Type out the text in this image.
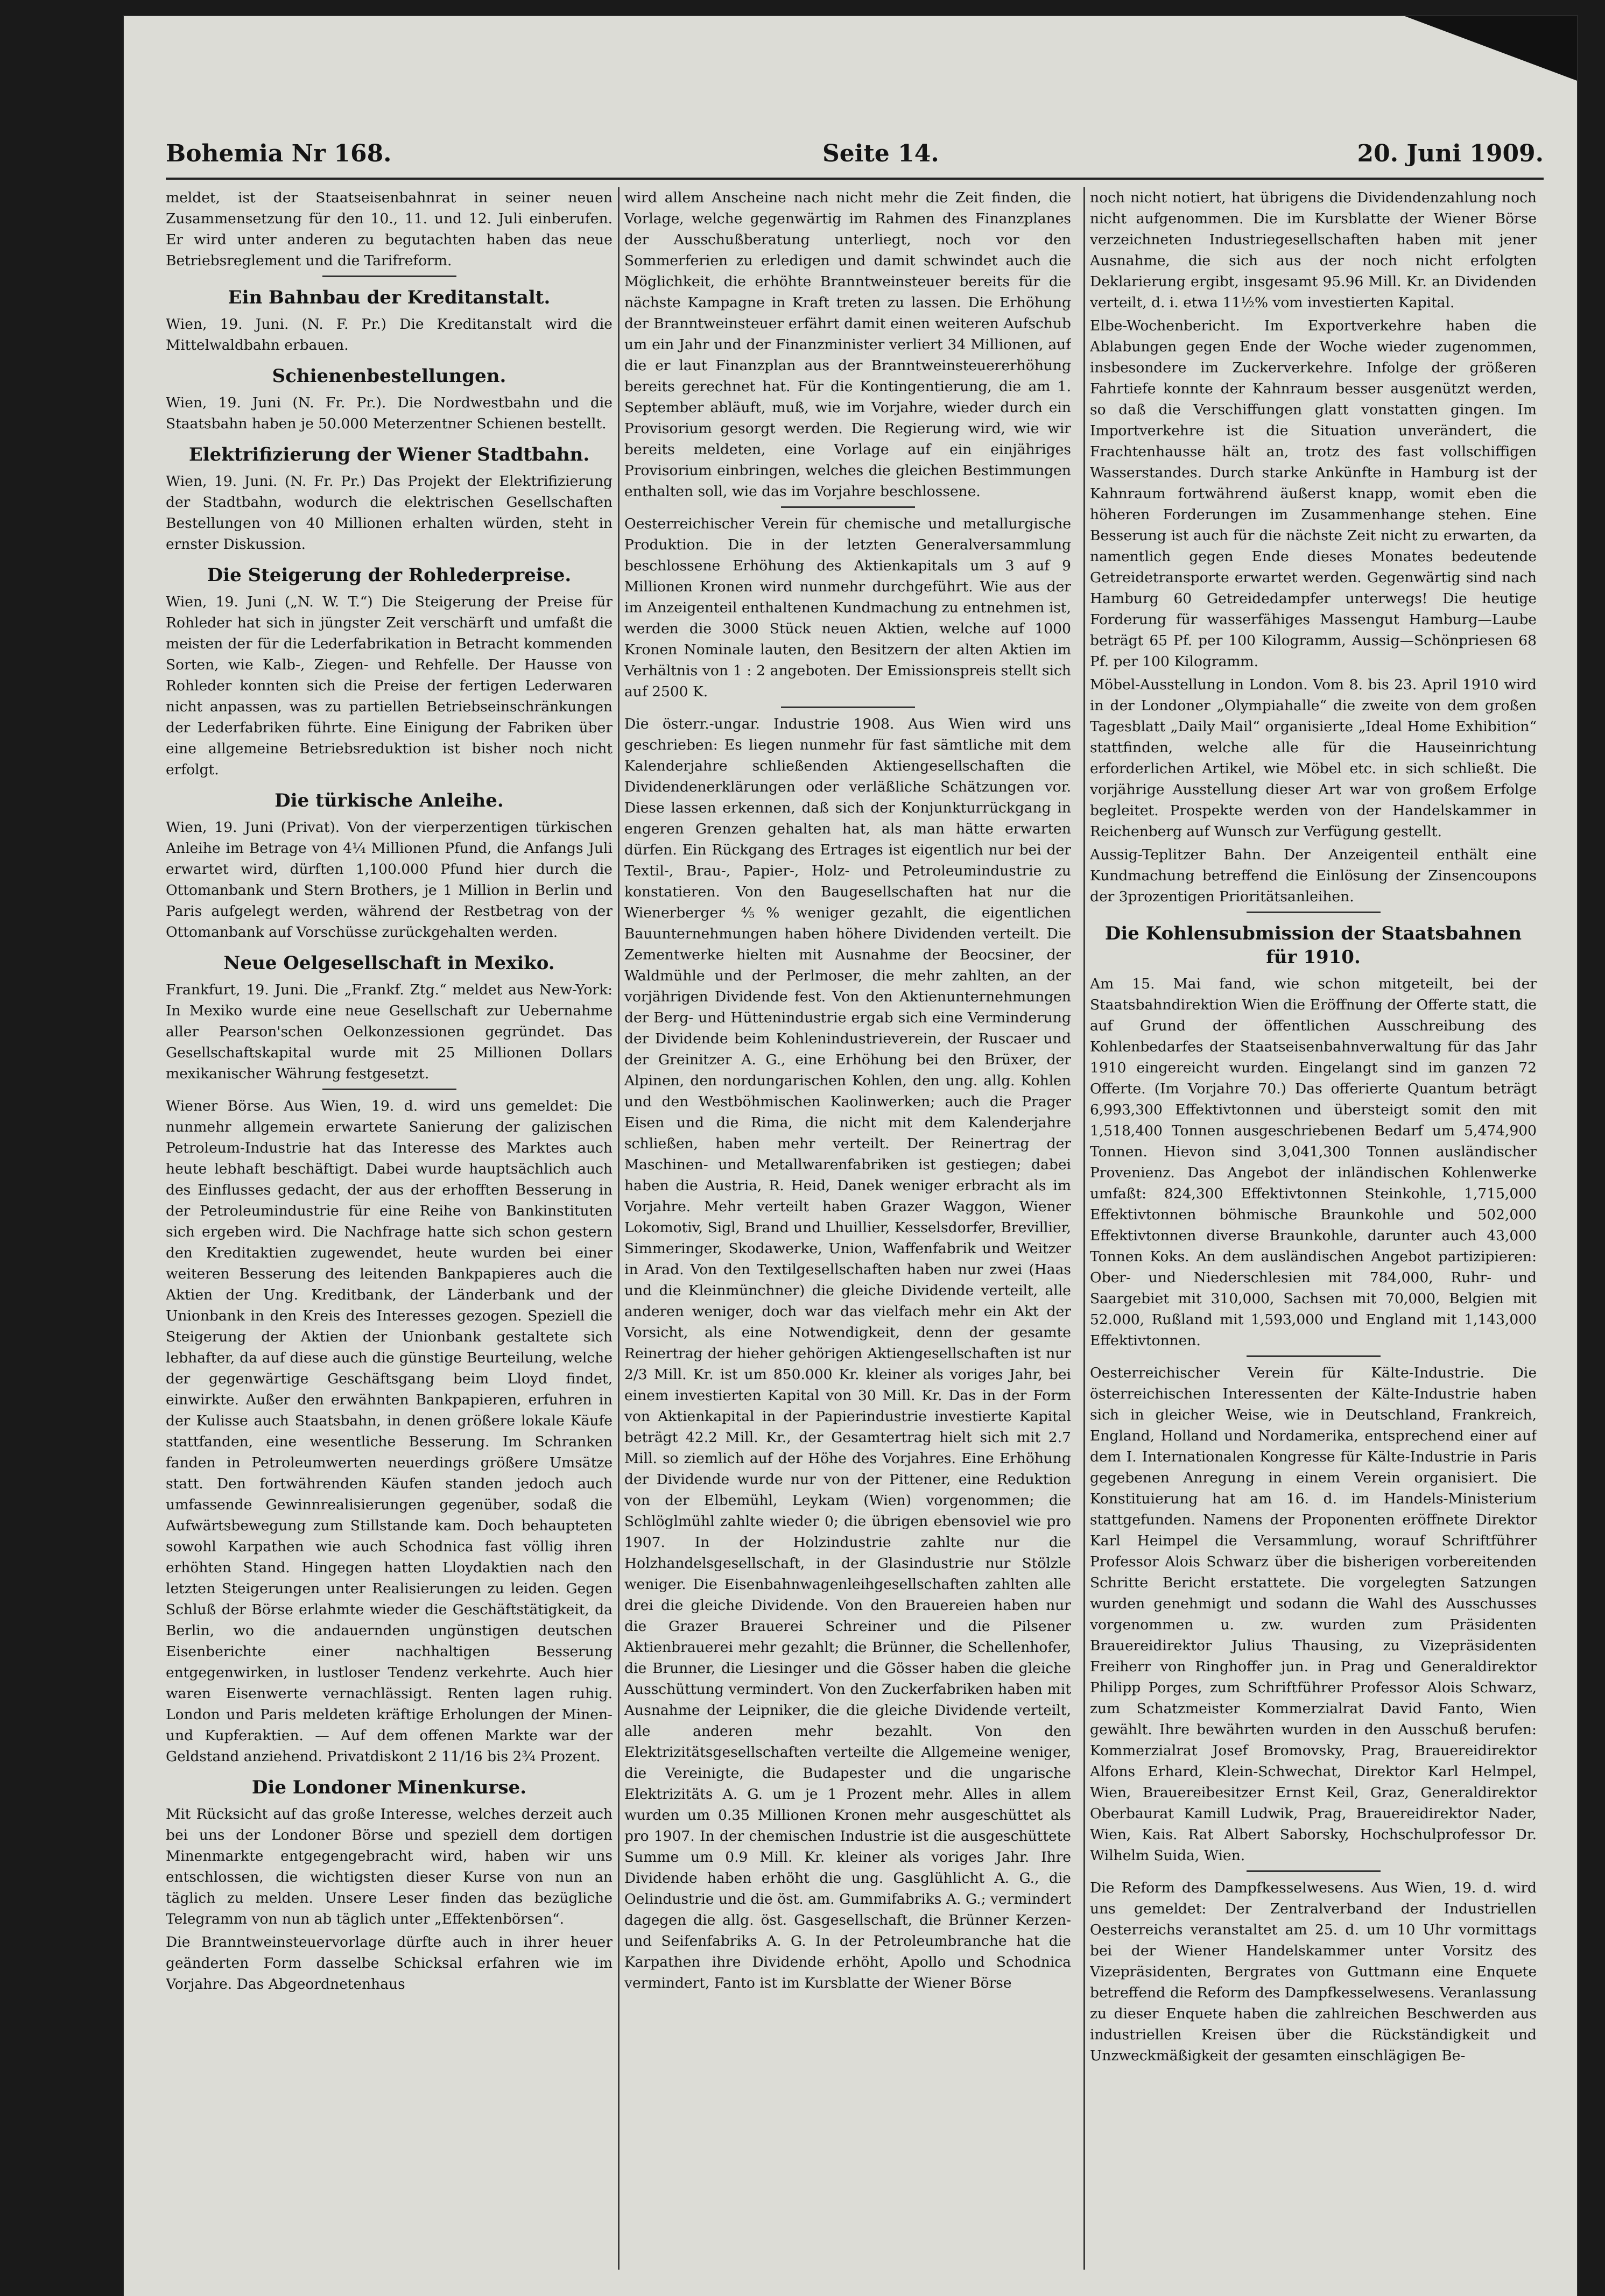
Bohemia Nr 168.	Seite 14.	20. Juni 1909.

meldet, ist der Staatseisenbahnrat in seiner neuen Zusammensetzung für den 10., 11. und 12. Juli einberufen. Er wird unter anderen zu begutachten haben das neue Betriebsreglement und die Tarifreform.

Ein Bahnbau der Kreditanstalt.

Wien, 19. Juni. (N. F. Pr.) Die Kreditanstalt wird die Mittelwaldbahn erbauen.

Schienenbestellungen.

Wien, 19. Juni (N. Fr. Pr.). Die Nordwestbahn und die Staatsbahn haben je 50.000 Meterzentner Schienen bestellt.

Elektrifizierung der Wiener Stadtbahn.

Wien, 19. Juni. (N. Fr. Pr.) Das Projekt der Elektrifizierung der Stadtbahn, wodurch die elektrischen Gesellschaften Bestellungen von 40 Millionen erhalten würden, steht in ernster Diskussion.

Die Steigerung der Rohlederpreise.

Wien, 19. Juni („N. W. T.“) Die Steigerung der Preise für Rohleder hat sich in jüngster Zeit verschärft und umfaßt die meisten der für die Lederfabrikation in Betracht kommenden Sorten, wie Kalb-, Ziegen- und Rehfelle. Der Hausse von Rohleder konnten sich die Preise der fertigen Lederwaren nicht anpassen, was zu partiellen Betriebseinschränkungen der Lederfabriken führte. Eine Einigung der Fabriken über eine allgemeine Betriebsreduktion ist bisher noch nicht erfolgt.

Die türkische Anleihe.

Wien, 19. Juni (Privat). Von der vierperzentigen türkischen Anleihe im Betrage von 4¼ Millionen Pfund, die Anfangs Juli erwartet wird, dürften 1,100.000 Pfund hier durch die Ottomanbank und Stern Brothers, je 1 Million in Berlin und Paris aufgelegt werden, während der Restbetrag von der Ottomanbank auf Vorschüsse zurückgehalten werden.

Neue Oelgesellschaft in Mexiko.

Frankfurt, 19. Juni. Die „Frankf. Ztg.“ meldet aus New-York: In Mexiko wurde eine neue Gesellschaft zur Uebernahme aller Pearson'schen Oelkonzessionen gegründet. Das Gesellschaftskapital wurde mit 25 Millionen Dollars mexikanischer Währung festgesetzt.

Wiener Börse. Aus Wien, 19. d. wird uns gemeldet: Die nunmehr allgemein erwartete Sanierung der galizischen Petroleum-Industrie hat das Interesse des Marktes auch heute lebhaft beschäftigt. Dabei wurde hauptsächlich auch des Einflusses gedacht, der aus der erhofften Besserung in der Petroleumindustrie für eine Reihe von Bankinstituten sich ergeben wird. Die Nachfrage hatte sich schon gestern den Kreditaktien zugewendet, heute wurden bei einer weiteren Besserung des leitenden Bankpapieres auch die Aktien der Ung. Kreditbank, der Länderbank und der Unionbank in den Kreis des Interesses gezogen. Speziell die Steigerung der Aktien der Unionbank gestaltete sich lebhafter, da auf diese auch die günstige Beurteilung, welche der gegenwärtige Geschäftsgang beim Lloyd findet, einwirkte. Außer den erwähnten Bankpapieren, erfuhren in der Kulisse auch Staatsbahn, in denen größere lokale Käufe stattfanden, eine wesentliche Besserung. Im Schranken fanden in Petroleumwerten neuerdings größere Umsätze statt. Den fortwährenden Käufen standen jedoch auch umfassende Gewinnrealisierungen gegenüber, sodaß die Aufwärtsbewegung zum Stillstande kam. Doch behaupteten sowohl Karpathen wie auch Schodnica fast völlig ihren erhöhten Stand. Hingegen hatten Lloydaktien nach den letzten Steigerungen unter Realisierungen zu leiden. Gegen Schluß der Börse erlahmte wieder die Geschäftstätigkeit, da Berlin, wo die andauernden ungünstigen deutschen Eisenberichte einer nachhaltigen Besserung entgegenwirken, in lustloser Tendenz verkehrte. Auch hier waren Eisenwerte vernachlässigt. Renten lagen ruhig. London und Paris meldeten kräftige Erholungen der Minen- und Kupferaktien. — Auf dem offenen Markte war der Geldstand anziehend. Privatdiskont 2 11/16 bis 2¾ Prozent.

Die Londoner Minenkurse.

Mit Rücksicht auf das große Interesse, welches derzeit auch bei uns der Londoner Börse und speziell dem dortigen Minenmarkte entgegengebracht wird, haben wir uns entschlossen, die wichtigsten dieser Kurse von nun an täglich zu melden. Unsere Leser finden das bezügliche Telegramm von nun ab täglich unter „Effektenbörsen“.

Die Branntweinsteuervorlage dürfte auch in ihrer heuer geänderten Form dasselbe Schicksal erfahren wie im Vorjahre. Das Abgeordnetenhaus

wird allem Anscheine nach nicht mehr die Zeit finden, die Vorlage, welche gegenwärtig im Rahmen des Finanzplanes der Ausschußberatung unterliegt, noch vor den Sommerferien zu erledigen und damit schwindet auch die Möglichkeit, die erhöhte Branntweinsteuer bereits für die nächste Kampagne in Kraft treten zu lassen. Die Erhöhung der Branntweinsteuer erfährt damit einen weiteren Aufschub um ein Jahr und der Finanzminister verliert 34 Millionen, auf die er laut Finanzplan aus der Branntweinsteuererhöhung bereits gerechnet hat. Für die Kontingentierung, die am 1. September abläuft, muß, wie im Vorjahre, wieder durch ein Provisorium gesorgt werden. Die Regierung wird, wie wir bereits meldeten, eine Vorlage auf ein einjähriges Provisorium einbringen, welches die gleichen Bestimmungen enthalten soll, wie das im Vorjahre beschlossene.

Oesterreichischer Verein für chemische und metallurgische Produktion. Die in der letzten Generalversammlung beschlossene Erhöhung des Aktienkapitals um 3 auf 9 Millionen Kronen wird nunmehr durchgeführt. Wie aus der im Anzeigenteil enthaltenen Kundmachung zu entnehmen ist, werden die 3000 Stück neuen Aktien, welche auf 1000 Kronen Nominale lauten, den Besitzern der alten Aktien im Verhältnis von 1 : 2 angeboten. Der Emissionspreis stellt sich auf 2500 K.

Die österr.-ungar. Industrie 1908. Aus Wien wird uns geschrieben: Es liegen nunmehr für fast sämtliche mit dem Kalenderjahre schließenden Aktiengesellschaften die Dividendenerklärungen oder verläßliche Schätzungen vor. Diese lassen erkennen, daß sich der Konjunkturrückgang in engeren Grenzen gehalten hat, als man hätte erwarten dürfen. Ein Rückgang des Ertrages ist eigentlich nur bei der Textil-, Brau-, Papier-, Holz- und Petroleumindustrie zu konstatieren. Von den Baugesellschaften hat nur die Wienerberger ⅘% weniger gezahlt, die eigentlichen Bauunternehmungen haben höhere Dividenden verteilt. Die Zementwerke hielten mit Ausnahme der Beocsiner, der Waldmühle und der Perlmoser, die mehr zahlten, an der vorjährigen Dividende fest. Von den Aktienunternehmungen der Berg- und Hüttenindustrie ergab sich eine Verminderung der Dividende beim Kohlenindustrieverein, der Ruscaer und der Greinitzer A. G., eine Erhöhung bei den Brüxer, der Alpinen, den nordungarischen Kohlen, den ung. allg. Kohlen und den Westböhmischen Kaolinwerken; auch die Prager Eisen und die Rima, die nicht mit dem Kalenderjahre schließen, haben mehr verteilt. Der Reinertrag der Maschinen- und Metallwarenfabriken ist gestiegen; dabei haben die Austria, R. Heid, Danek weniger erbracht als im Vorjahre. Mehr verteilt haben Grazer Waggon, Wiener Lokomotiv, Sigl, Brand und Lhuillier, Kesselsdorfer, Brevillier, Simmeringer, Skodawerke, Union, Waffenfabrik und Weitzer in Arad. Von den Textilgesellschaften haben nur zwei (Haas und die Kleinmünchner) die gleiche Dividende verteilt, alle anderen weniger, doch war das vielfach mehr ein Akt der Vorsicht, als eine Notwendigkeit, denn der gesamte Reinertrag der hieher gehörigen Aktiengesellschaften ist nur 2/3 Mill. Kr. ist um 850.000 Kr. kleiner als voriges Jahr, bei einem investierten Kapital von 30 Mill. Kr. Das in der Form von Aktienkapital in der Papierindustrie investierte Kapital beträgt 42.2 Mill. Kr., der Gesamtertrag hielt sich mit 2.7 Mill. so ziemlich auf der Höhe des Vorjahres. Eine Erhöhung der Dividende wurde nur von der Pittener, eine Reduktion von der Elbemühl, Leykam (Wien) vorgenommen; die Schlöglmühl zahlte wieder 0; die übrigen ebensoviel wie pro 1907. In der Holzindustrie zahlte nur die Holzhandelsgesellschaft, in der Glasindustrie nur Stölzle weniger. Die Eisenbahnwagenleihgesellschaften zahlten alle drei die gleiche Dividende. Von den Brauereien haben nur die Grazer Brauerei Schreiner und die Pilsener Aktienbrauerei mehr gezahlt; die Brünner, die Schellenhofer, die Brunner, die Liesinger und die Gösser haben die gleiche Ausschüttung vermindert. Von den Zuckerfabriken haben mit Ausnahme der Leipniker, die die gleiche Dividende verteilt, alle anderen mehr bezahlt. Von den Elektrizitätsgesellschaften verteilte die Allgemeine weniger, die Vereinigte, die Budapester und die ungarische Elektrizitäts A. G. um je 1 Prozent mehr. Alles in allem wurden um 0.35 Millionen Kronen mehr ausgeschüttet als pro 1907. In der chemischen Industrie ist die ausgeschüttete Summe um 0.9 Mill. Kr. kleiner als voriges Jahr. Ihre Dividende haben erhöht die ung. Gasglühlicht A. G., die Oelindustrie und die öst. am. Gummifabriks A. G.; vermindert dagegen die allg. öst. Gasgesellschaft, die Brünner Kerzen- und Seifenfabriks A. G. In der Petroleumbranche hat die Karpathen ihre Dividende erhöht, Apollo und Schodnica vermindert, Fanto ist im Kursblatte der Wiener Börse

noch nicht notiert, hat übrigens die Dividendenzahlung noch nicht aufgenommen. Die im Kursblatte der Wiener Börse verzeichneten Industriegesellschaften haben mit jener Ausnahme, die sich aus der noch nicht erfolgten Deklarierung ergibt, insgesamt 95.96 Mill. Kr. an Dividenden verteilt, d. i. etwa 11½% vom investierten Kapital.

Elbe-Wochenbericht. Im Exportverkehre haben die Ablabungen gegen Ende der Woche wieder zugenommen, insbesondere im Zuckerverkehre. Infolge der größeren Fahrtiefe konnte der Kahnraum besser ausgenützt werden, so daß die Verschiffungen glatt vonstatten gingen. Im Importverkehre ist die Situation unverändert, die Frachtenhausse hält an, trotz des fast vollschiffigen Wasserstandes. Durch starke Ankünfte in Hamburg ist der Kahnraum fortwährend äußerst knapp, womit eben die höheren Forderungen im Zusammenhange stehen. Eine Besserung ist auch für die nächste Zeit nicht zu erwarten, da namentlich gegen Ende dieses Monates bedeutende Getreidetransporte erwartet werden. Gegenwärtig sind nach Hamburg 60 Getreidedampfer unterwegs! Die heutige Forderung für wasserfähiges Massengut Hamburg—Laube beträgt 65 Pf. per 100 Kilogramm, Aussig—Schönpriesen 68 Pf. per 100 Kilogramm.

Möbel-Ausstellung in London. Vom 8. bis 23. April 1910 wird in der Londoner „Olympiahalle“ die zweite von dem großen Tagesblatt „Daily Mail“ organisierte „Ideal Home Exhibition“ stattfinden, welche alle für die Hauseinrichtung erforderlichen Artikel, wie Möbel etc. in sich schließt. Die vorjährige Ausstellung dieser Art war von großem Erfolge begleitet. Prospekte werden von der Handelskammer in Reichenberg auf Wunsch zur Verfügung gestellt.

Aussig-Teplitzer Bahn. Der Anzeigenteil enthält eine Kundmachung betreffend die Einlösung der Zinsencoupons der 3prozentigen Prioritätsanleihen.

Die Kohlensubmission der Staatsbahnen für 1910.

Am 15. Mai fand, wie schon mitgeteilt, bei der Staatsbahndirektion Wien die Eröffnung der Offerte statt, die auf Grund der öffentlichen Ausschreibung des Kohlenbedarfes der Staatseisenbahnverwaltung für das Jahr 1910 eingereicht wurden. Eingelangt sind im ganzen 72 Offerte. (Im Vorjahre 70.) Das offerierte Quantum beträgt 6,993,300 Effektivtonnen und übersteigt somit den mit 1,518,400 Tonnen ausgeschriebenen Bedarf um 5,474,900 Tonnen. Hievon sind 3,041,300 Tonnen ausländischer Provenienz. Das Angebot der inländischen Kohlenwerke umfaßt: 824,300 Effektivtonnen Steinkohle, 1,715,000 Effektivtonnen böhmische Braunkohle und 502,000 Effektivtonnen diverse Braunkohle, darunter auch 43,000 Tonnen Koks. An dem ausländischen Angebot partizipieren: Ober- und Niederschlesien mit 784,000, Ruhr- und Saargebiet mit 310,000, Sachsen mit 70,000, Belgien mit 52.000, Rußland mit 1,593,000 und England mit 1,143,000 Effektivtonnen.

Oesterreichischer Verein für Kälte-Industrie. Die österreichischen Interessenten der Kälte-Industrie haben sich in gleicher Weise, wie in Deutschland, Frankreich, England, Holland und Nordamerika, entsprechend einer auf dem I. Internationalen Kongresse für Kälte-Industrie in Paris gegebenen Anregung in einem Verein organisiert. Die Konstituierung hat am 16. d. im Handels-Ministerium stattgefunden. Namens der Proponenten eröffnete Direktor Karl Heimpel die Versammlung, worauf Schriftführer Professor Alois Schwarz über die bisherigen vorbereitenden Schritte Bericht erstattete. Die vorgelegten Satzungen wurden genehmigt und sodann die Wahl des Ausschusses vorgenommen u. zw. wurden zum Präsidenten Brauereidirektor Julius Thausing, zu Vizepräsidenten Freiherr von Ringhoffer jun. in Prag und Generaldirektor Philipp Porges, zum Schriftführer Professor Alois Schwarz, zum Schatzmeister Kommerzialrat David Fanto, Wien gewählt. Ihre bewährten wurden in den Ausschuß berufen: Kommerzialrat Josef Bromovsky, Prag, Brauereidirektor Alfons Erhard, Klein-Schwechat, Direktor Karl Helmpel, Wien, Brauereibesitzer Ernst Keil, Graz, Generaldirektor Oberbaurat Kamill Ludwik, Prag, Brauereidirektor Nader, Wien, Kais. Rat Albert Saborsky, Hochschulprofessor Dr. Wilhelm Suida, Wien.

Die Reform des Dampfkesselwesens. Aus Wien, 19. d. wird uns gemeldet: Der Zentralverband der Industriellen Oesterreichs veranstaltet am 25. d. um 10 Uhr vormittags bei der Wiener Handelskammer unter Vorsitz des Vizepräsidenten, Bergrates von Guttmann eine Enquete betreffend die Reform des Dampfkesselwesens. Veranlassung zu dieser Enquete haben die zahlreichen Beschwerden aus industriellen Kreisen über die Rückständigkeit und Unzweckmäßigkeit der gesamten einschlägigen Be-
